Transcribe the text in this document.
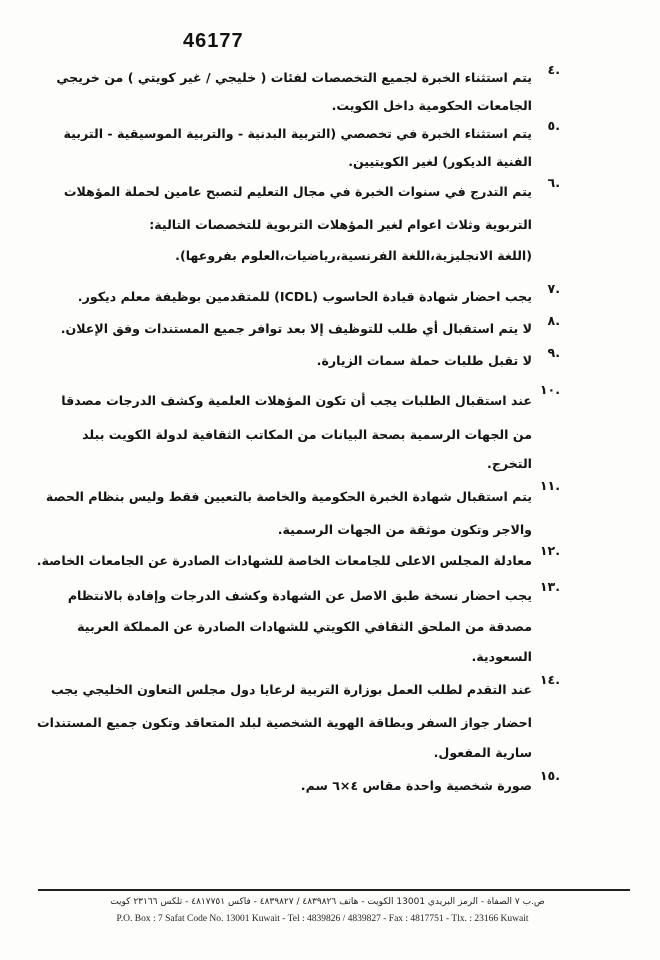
46177
٤.
يتم استثناء الخبرة لجميع التخصصات لفئات ( خليجي / غير كويتي ) من خريجي
الجامعات الحكومية داخل الكويت.
٥.
يتم استثناء الخبرة في تخصصي (التربية البدنية - والتربية الموسيقية - التربية
الفنية الديكور) لغير الكويتيين.
٦.
يتم التدرج في سنوات الخبرة في مجال التعليم لتصبح عامين لحملة المؤهلات
التربوية وثلاث اعوام لغير المؤهلات التربوية للتخصصات التالية:
(اللغة الانجليزية،اللغة الفرنسية،رياضيات،العلوم بفروعها).
٧.
يجب احضار شهادة قيادة الحاسوب (ICDL) للمتقدمين بوظيفة معلم ديكور.
٨.
لا يتم استقبال أي طلب للتوظيف إلا بعد توافر جميع المستندات وفق الإعلان.
٩.
لا تقبل طلبات حملة سمات الزيارة.
١٠.
عند استقبال الطلبات يجب أن تكون المؤهلات العلمية وكشف الدرجات مصدقا
من الجهات الرسمية بصحة البيانات من المكاتب الثقافية لدولة الكويت ببلد
التخرج.
١١.
يتم استقبال شهادة الخبرة الحكومية والخاصة بالتعيين فقط وليس بنظام الحصة
والاجر وتكون موثقة من الجهات الرسمية.
١٢.
معادلة المجلس الاعلى للجامعات الخاصة للشهادات الصادرة عن الجامعات الخاصة.
١٣.
يجب احضار نسخة طبق الاصل عن الشهادة وكشف الدرجات وإفادة بالانتظام
مصدقة من الملحق الثقافي الكويتي للشهادات الصادرة عن المملكة العربية
السعودية.
١٤.
عند التقدم لطلب العمل بوزارة التربية لرعايا دول مجلس التعاون الخليجي يجب
احضار جواز السفر وبطاقة الهوية الشخصية لبلد المتعاقد وتكون جميع المستندات
سارية المفعول.
١٥.
صورة شخصية واحدة مقاس ٤×٦ سم.
ص.ب ٧ الصفاة - الرمز البريدي 13001 الكويت - هاتف ٤٨٣٩٨٢٦ / ٤٨٣٩٨٢٧ - فاكس ٤٨١٧٧٥١ - تلكس ٢٣١٦٦ كويت
P.O. Box : 7 Safat Code No. 13001 Kuwait - Tel : 4839826 / 4839827 - Fax : 4817751 - Tlx. : 23166 Kuwait
